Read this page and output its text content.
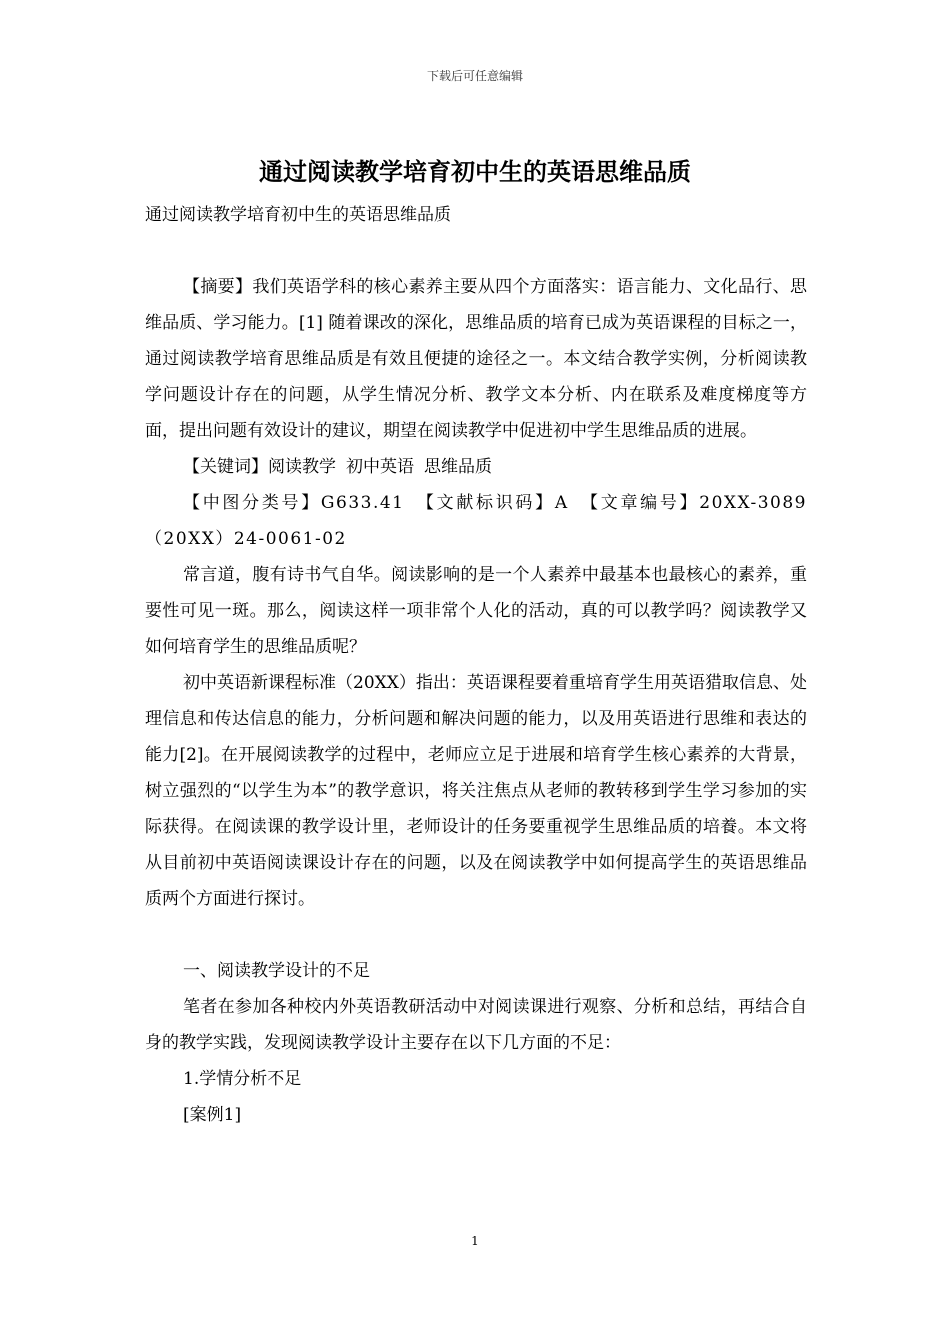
下载后可任意编辑
通过阅读教学培育初中生的英语思维品质

通过阅读教学培育初中生的英语思维品质

【摘要】我们英语学科的核心素养主要从四个方面落实：语言能力、文化品行、思维品质、学习能力。[1] 随着课改的深化，思维品质的培育已成为英语课程的目标之一，通过阅读教学培育思维品质是有效且便捷的途径之一。本文结合教学实例，分析阅读教学问题设计存在的问题，从学生情况分析、教学文本分析、内在联系及难度梯度等方面，提出问题有效设计的建议，期望在阅读教学中促进初中学生思维品质的进展。

【关键词】阅读教学 初中英语 思维品质

【中图分类号】G633.41　【文献标识码】A　【文章编号】20XX-3089（20XX）24-0061-02

常言道，腹有诗书气自华。阅读影响的是一个人素养中最基本也最核心的素养，重要性可见一斑。那么，阅读这样一项非常个人化的活动，真的可以教学吗？阅读教学又如何培育学生的思维品质呢？

初中英语新课程标准（20XX）指出：英语课程要着重培育学生用英语猎取信息、处理信息和传达信息的能力，分析问题和解决问题的能力，以及用英语进行思维和表达的能力[2]。在开展阅读教学的过程中，老师应立足于进展和培育学生核心素养的大背景，树立强烈的“以学生为本”的教学意识，将关注焦点从老师的教转移到学生学习参加的实际获得。在阅读课的教学设计里，老师设计的任务要重视学生思维品质的培養。本文将从目前初中英语阅读课设计存在的问题，以及在阅读教学中如何提高学生的英语思维品质两个方面进行探讨。

一、阅读教学设计的不足

笔者在参加各种校内外英语教研活动中对阅读课进行观察、分析和总结，再结合自身的教学实践，发现阅读教学设计主要存在以下几方面的不足：

1.学情分析不足

[案例1]

1
